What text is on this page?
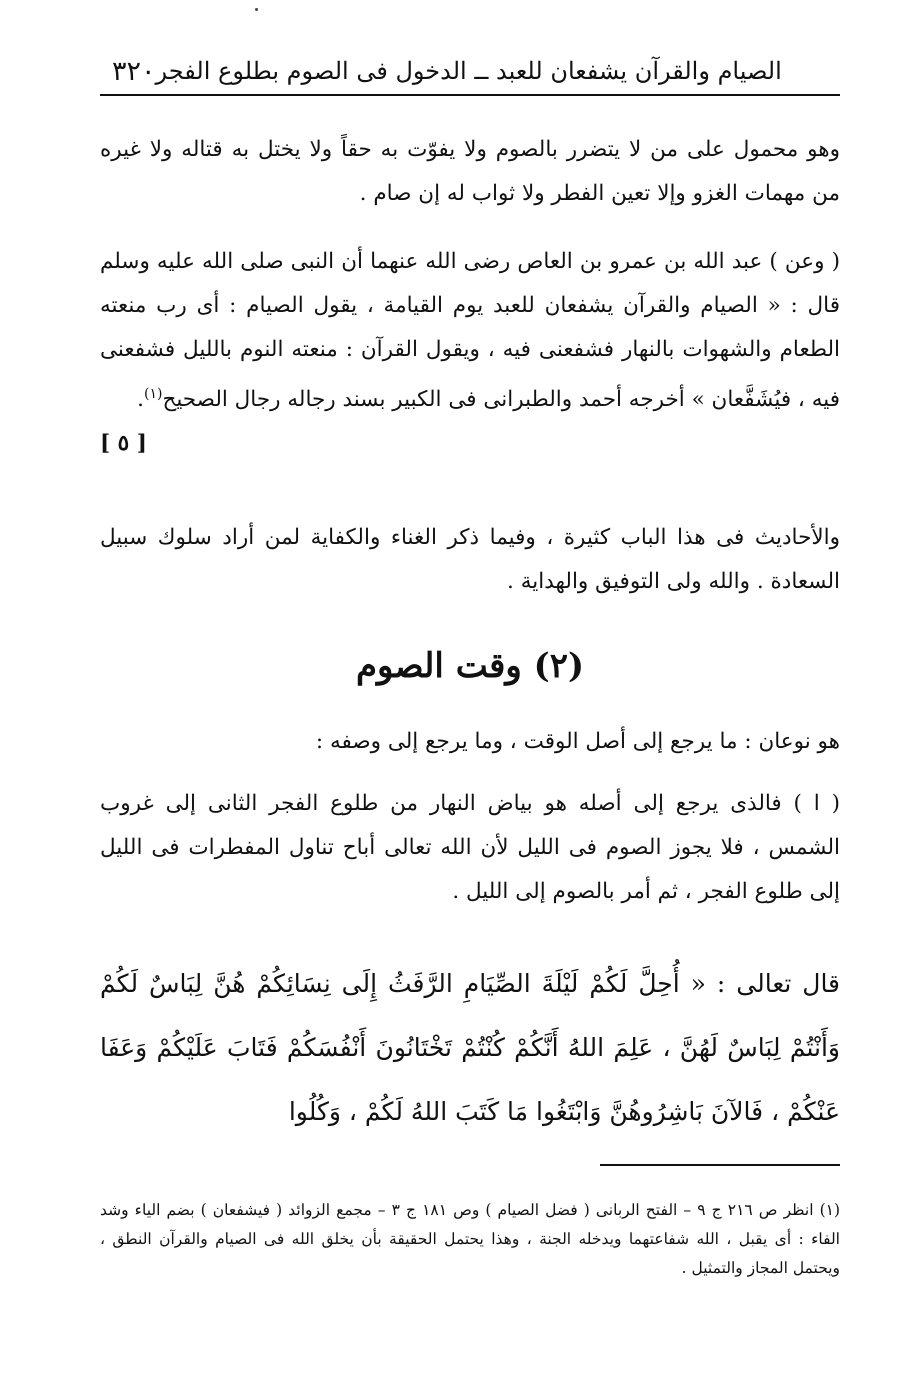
٣٢٠ الصيام والقرآن يشفعان للعبد ــ الدخول فى الصوم بطلوع الفجر
وهو محمول على من لا يتضرر بالصوم ولا يفوّت به حقاً ولا يختل به قتاله ولا غيره من مهمات الغزو وإلا تعين الفطر ولا ثواب له إن صام .
( وعن ) عبد الله بن عمرو بن العاص رضى الله عنهما أن النبى صلى الله عليه وسلم قال : « الصيام والقرآن يشفعان للعبد يوم القيامة ، يقول الصيام : أى رب منعته الطعام والشهوات بالنهار فشفعنى فيه ، ويقول القرآن : منعته النوم بالليل فشفعنى فيه ، فيُشَفَّعان » أخرجه أحمد والطبرانى فى الكبير بسند رجاله رجال الصحيح$^{(١)}$.
[ ٥ ]
والأحاديث فى هذا الباب كثيرة ، وفيما ذكر الغناء والكفاية لمن أراد سلوك سبيل السعادة . والله ولى التوفيق والهداية .
(٢) وقت الصوم
هو نوعان : ما يرجع إلى أصل الوقت ، وما يرجع إلى وصفه :
( ا ) فالذى يرجع إلى أصله هو بياض النهار من طلوع الفجر الثانى إلى غروب الشمس ، فلا يجوز الصوم فى الليل لأن الله تعالى أباح تناول المفطرات فى الليل إلى طلوع الفجر ، ثم أمر بالصوم إلى الليل .
قال تعالى : « أُحِلَّ لَكُمْ لَيْلَةَ الصِّيَامِ الرَّفَثُ إِلَى نِسَائِكُمْ هُنَّ لِبَاسٌ لَكُمْ وَأَنْتُمْ لِبَاسٌ لَهُنَّ ، عَلِمَ اللهُ أَنَّكُمْ كُنْتُمْ تَخْتَانُونَ أَنْفُسَكُمْ فَتَابَ عَلَيْكُمْ وَعَفَا عَنْكُمْ ، فَالآنَ بَاشِرُوهُنَّ وَابْتَغُوا مَا كَتَبَ اللهُ لَكُمْ ، وَكُلُوا
(١) انظر ص ٢١٦ ج ٩ – الفتح الربانى ( فضل الصيام ) وص ١٨١ ج ٣ – مجمع الزوائد ( فيشفعان ) بضم الياء وشد الفاء : أى يقبل ، الله شفاعتهما ويدخله الجنة ، وهذا يحتمل الحقيقة بأن يخلق الله فى الصيام والقرآن النطق ، ويحتمل المجاز والتمثيل .
